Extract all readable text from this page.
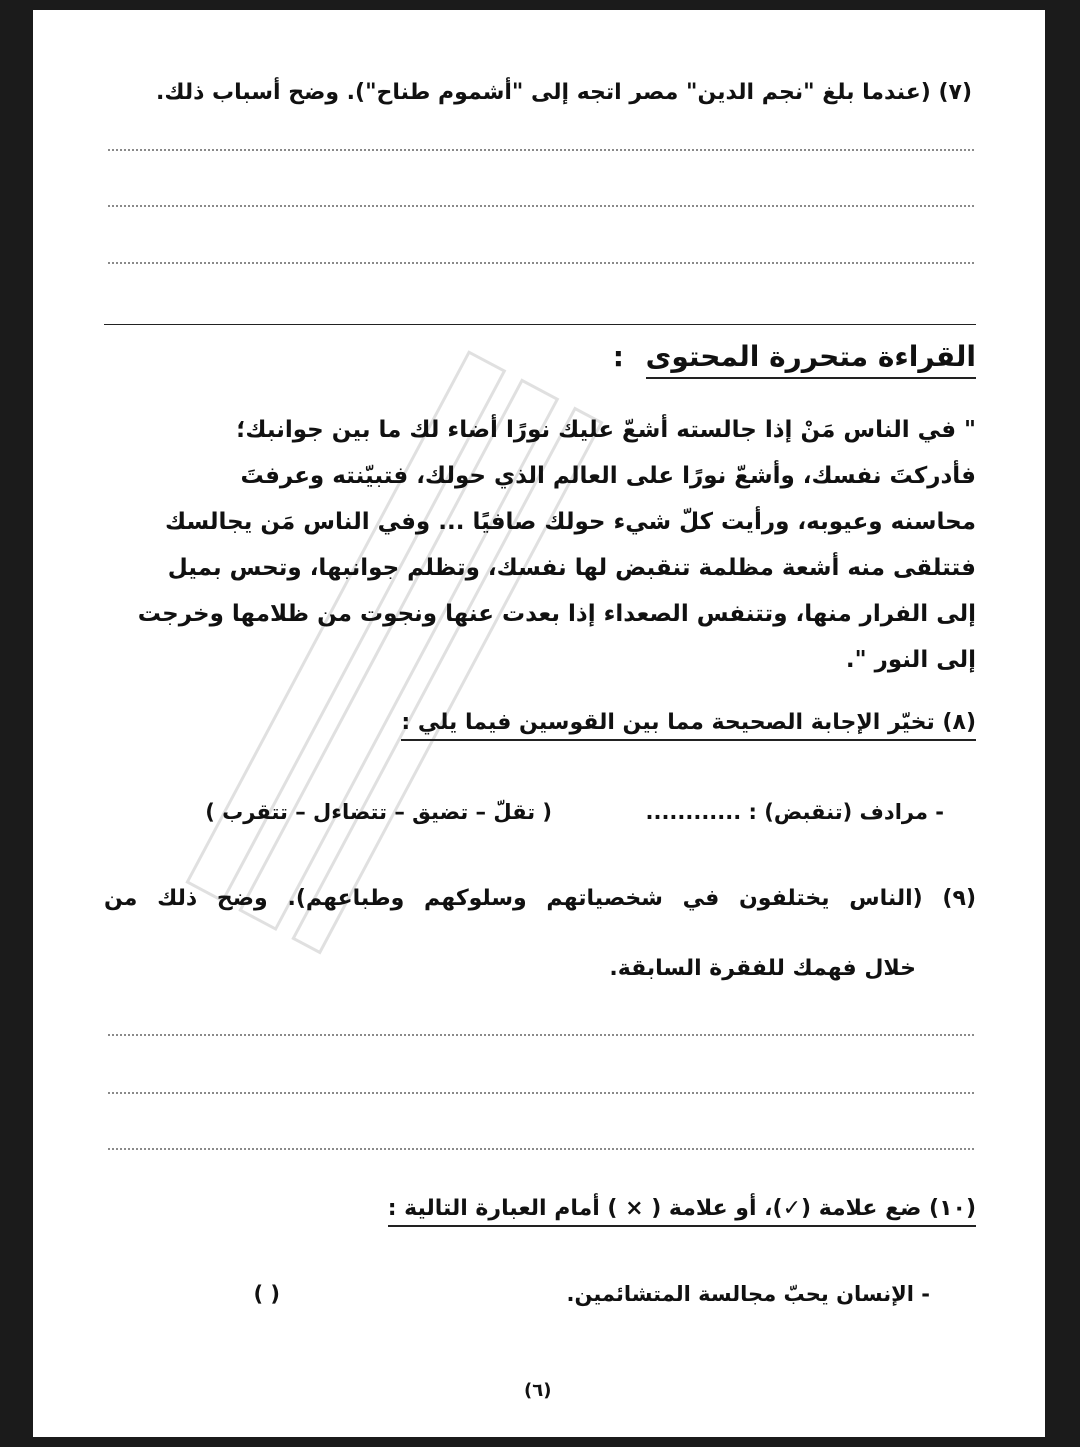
(٧) (عندما بلغ "نجم الدين" مصر اتجه إلى "أشموم طناح"). وضح أسباب ذلك.
القراءة متحررة المحتوى :

" في الناس مَنْ إذا جالسته أشعّ عليك نورًا أضاء لك ما بين جوانبك؛

فأدركتَ نفسك، وأشعّ نورًا على العالم الذي حولك، فتبيّنته وعرفتَ

محاسنه وعيوبه، ورأيت كلّ شيء حولك صافيًا ... وفي الناس مَن يجالسك

فتتلقى منه أشعة مظلمة تنقبض لها نفسك، وتظلم جوانبها، وتحس بميل

إلى الفرار منها، وتتنفس الصعداء إذا بعدت عنها ونجوت من ظلامها وخرجت

إلى النور ".

(٨) تخيّر الإجابة الصحيحة مما بين القوسين فيما يلي :
- مرادف (تنقبض) : ............
( تقلّ – تضيق – تتضاءل – تتقرب )
(٩) (الناس يختلفون في شخصياتهم وسلوكهم وطباعهم). وضح ذلك من
خلال فهمك للفقرة السابقة.
(١٠) ضع علامة (✓)، أو علامة ( × ) أمام العبارة التالية :
- الإنسان يحبّ مجالسة المتشائمين.
( )
(٦)
